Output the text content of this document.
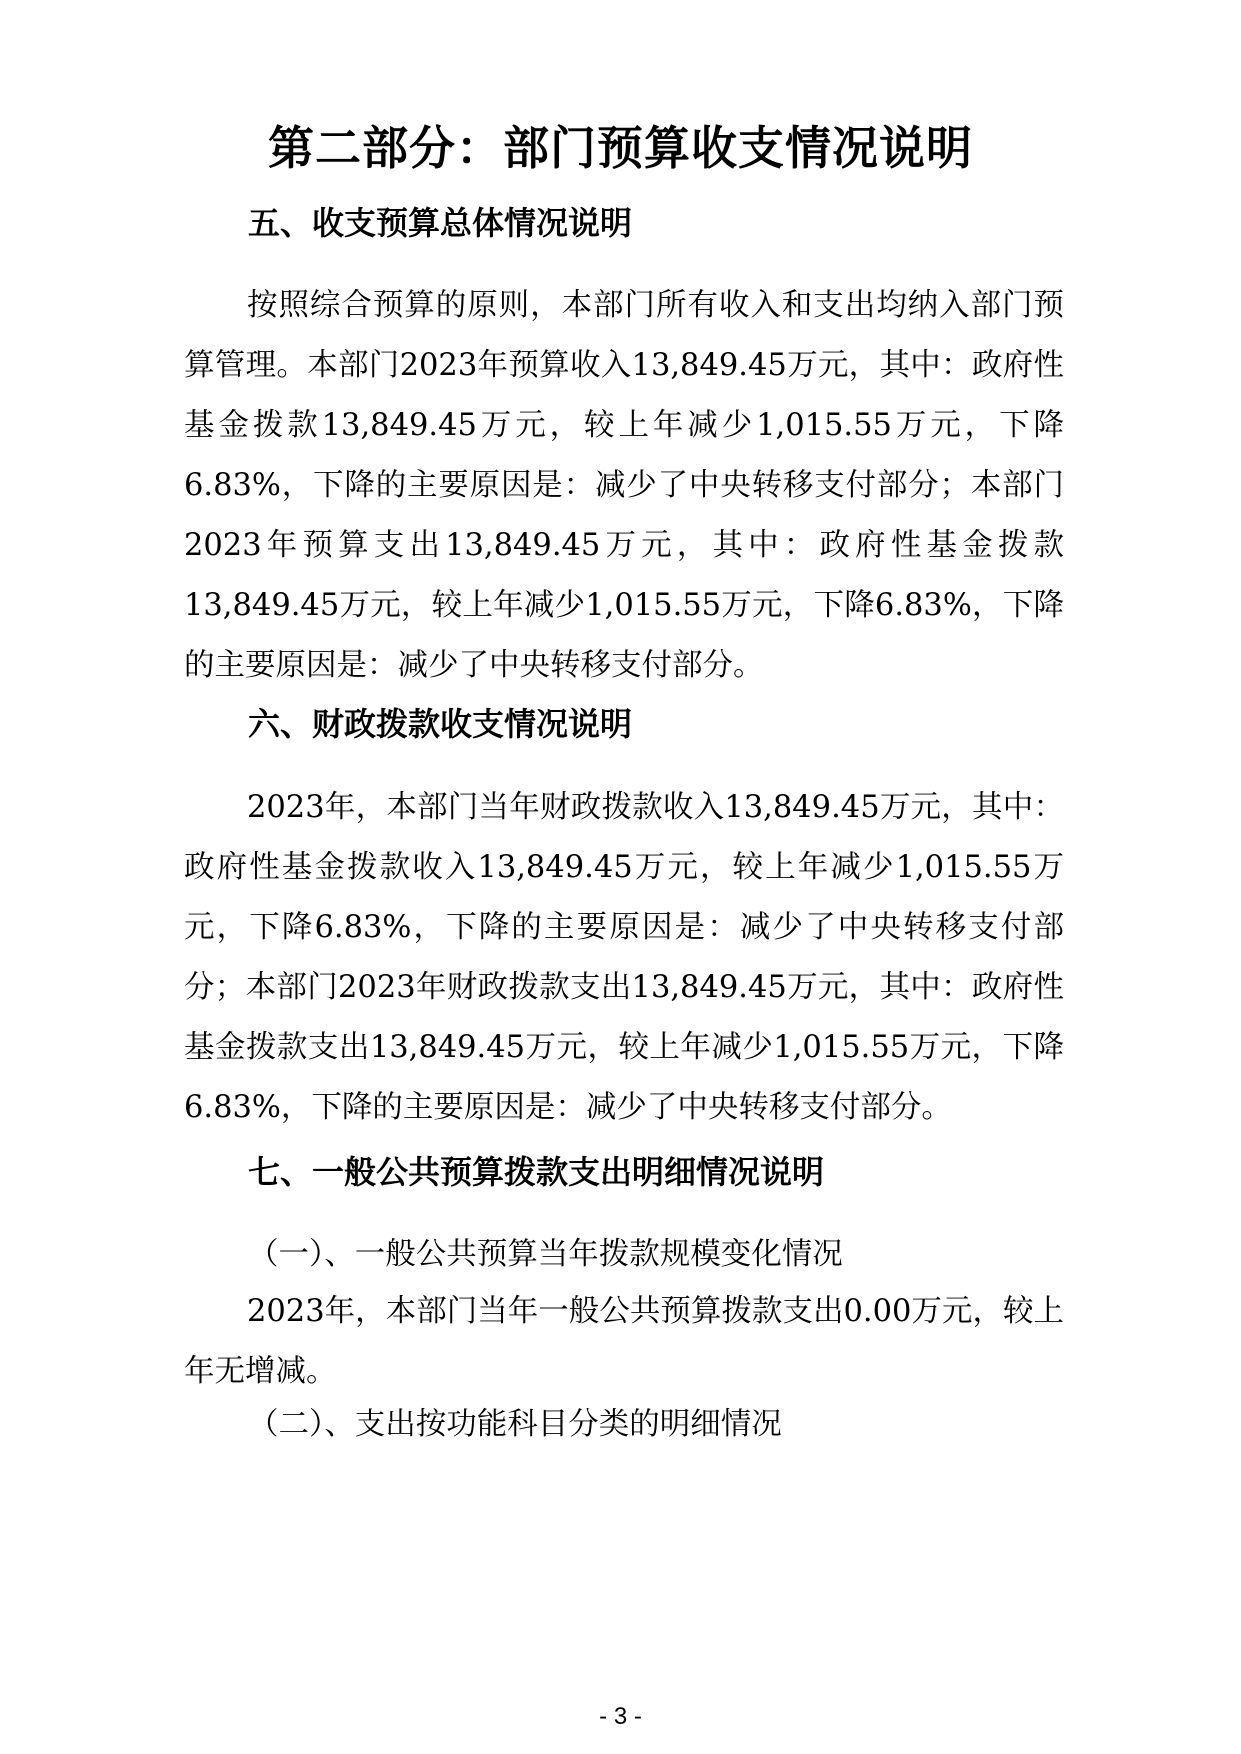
第二部分：部门预算收支情况说明
五、收支预算总体情况说明

按照综合预算的原则，本部门所有收入和支出均纳入部门预算管理。本部门2023年预算收入13,849.45万元，其中：政府性基金拨款13,849.45万元，较上年减少1,015.55万元，下降6.83%，下降的主要原因是：减少了中央转移支付部分；本部门2023年预算支出13,849.45万元，其中：政府性基金拨款13,849.45万元，较上年减少1,015.55万元，下降6.83%，下降的主要原因是：减少了中央转移支付部分。

六、财政拨款收支情况说明

2023年，本部门当年财政拨款收入13,849.45万元，其中：政府性基金拨款收入13,849.45万元，较上年减少1,015.55万元，下降6.83%，下降的主要原因是：减少了中央转移支付部分；本部门2023年财政拨款支出13,849.45万元，其中：政府性基金拨款支出13,849.45万元，较上年减少1,015.55万元，下降6.83%，下降的主要原因是：减少了中央转移支付部分。

七、一般公共预算拨款支出明细情况说明

（一）、一般公共预算当年拨款规模变化情况

2023年，本部门当年一般公共预算拨款支出0.00万元，较上年无增减。

（二）、支出按功能科目分类的明细情况

- 3 -
